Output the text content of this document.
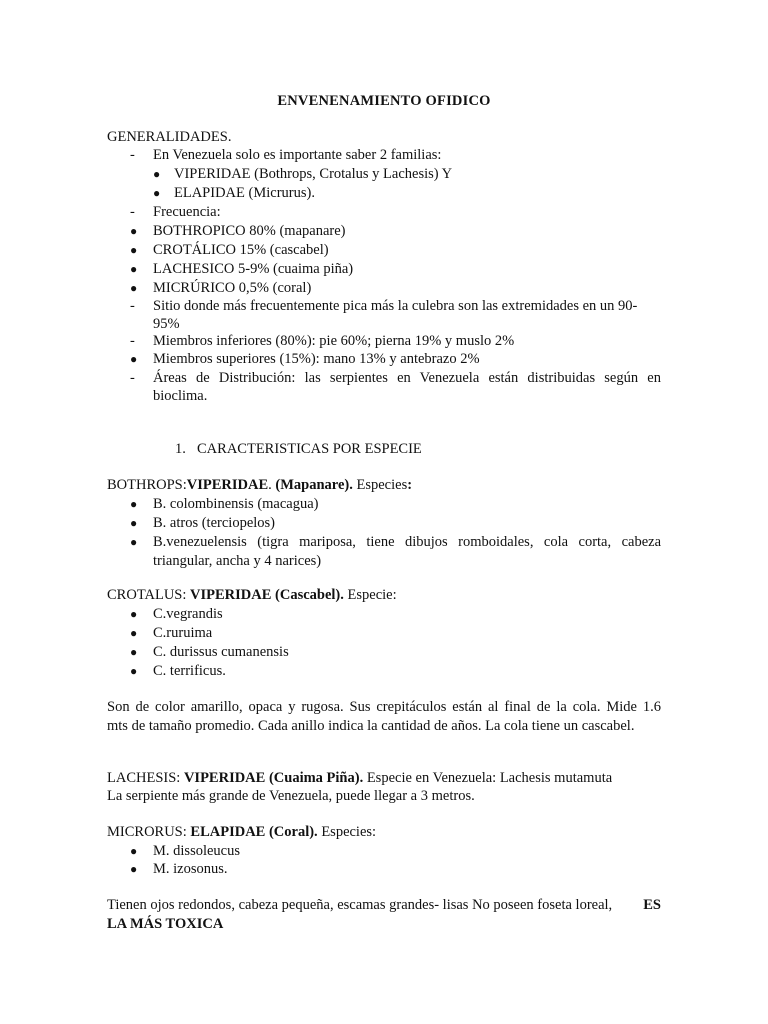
ENVENENAMIENTO OFIDICO
GENERALIDADES.
- En Venezuela solo es importante saber 2 familias:
● VIPERIDAE (Bothrops, Crotalus y Lachesis) Y
● ELAPIDAE (Micrurus).
- Frecuencia:
● BOTHROPICO 80% (mapanare)
● CROTÁLICO 15% (cascabel)
● LACHESICO 5-9% (cuaima piña)
● MICRÚRICO 0,5% (coral)
- Sitio donde más frecuentemente pica más la culebra son las extremidades en un 90-
95%
- Miembros inferiores (80%): pie 60%; pierna 19% y muslo 2%
● Miembros superiores (15%): mano 13% y antebrazo 2%
- Áreas de Distribución: las serpientes en Venezuela están distribuidas según en
bioclima.
1. CARACTERISTICAS POR ESPECIE
BOTHROPS:VIPERIDAE. (Mapanare). Especies:
● B. colombinensis (macagua)
● B. atros (terciopelos)
● B.venezuelensis (tigra mariposa, tiene dibujos romboidales, cola corta, cabeza
triangular, ancha y 4 narices)
CROTALUS: VIPERIDAE (Cascabel). Especie:
● C.vegrandis
● C.ruruima
● C. durissus cumanensis
● C. terrificus.
Son de color amarillo, opaca y rugosa. Sus crepitáculos están al final de la cola. Mide 1.6
mts de tamaño promedio. Cada anillo indica la cantidad de años. La cola tiene un cascabel.
LACHESIS: VIPERIDAE (Cuaima Piña). Especie en Venezuela: Lachesis mutamuta
La serpiente más grande de Venezuela, puede llegar a 3 metros.
MICRORUS: ELAPIDAE (Coral). Especies:
● M. dissoleucus
● M. izosonus.
Tienen ojos redondos, cabeza pequeña, escamas grandes- lisas No poseen foseta loreal, ES
LA MÁS TOXICA
